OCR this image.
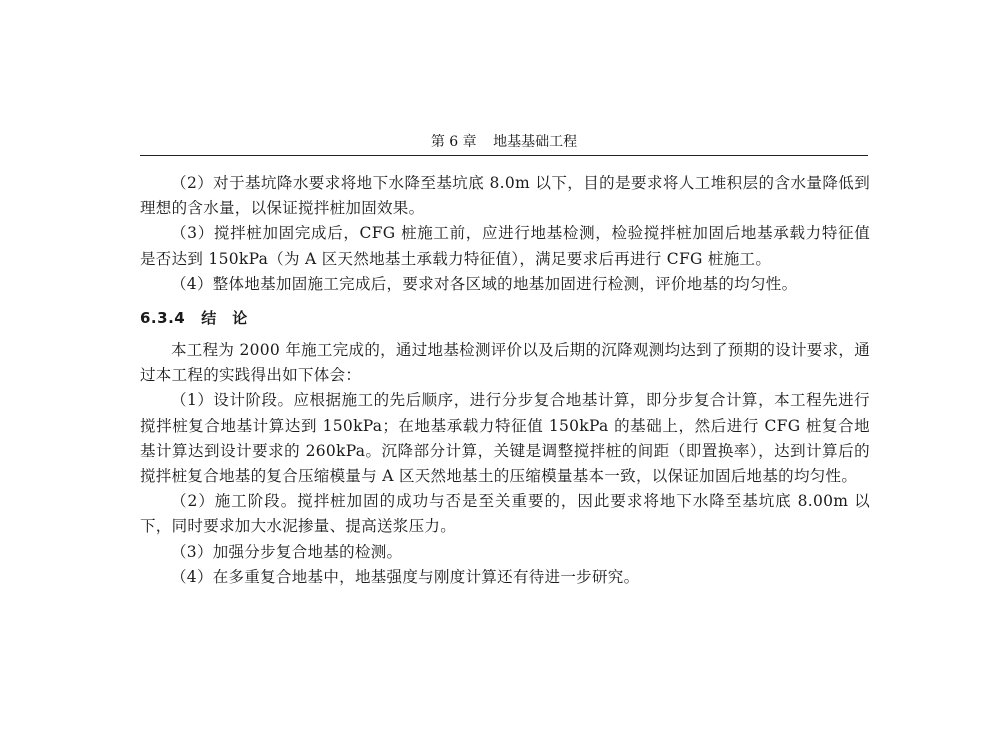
第 6 章 地基基础工程

（2）对于基坑降水要求将地下水降至基坑底 8.0m 以下，目的是要求将人工堆积层的含水量降低到理想的含水量，以保证搅拌桩加固效果。

（3）搅拌桩加固完成后，CFG 桩施工前，应进行地基检测，检验搅拌桩加固后地基承载力特征值是否达到 150kPa（为 A 区天然地基土承载力特征值），满足要求后再进行 CFG 桩施工。

（4）整体地基加固施工完成后，要求对各区域的地基加固进行检测，评价地基的均匀性。

6.3.4 结　论

本工程为 2000 年施工完成的，通过地基检测评价以及后期的沉降观测均达到了预期的设计要求，通过本工程的实践得出如下体会：

（1）设计阶段。应根据施工的先后顺序，进行分步复合地基计算，即分步复合计算，本工程先进行搅拌桩复合地基计算达到 150kPa；在地基承载力特征值 150kPa 的基础上，然后进行 CFG 桩复合地基计算达到设计要求的 260kPa。沉降部分计算，关键是调整搅拌桩的间距（即置换率），达到计算后的搅拌桩复合地基的复合压缩模量与 A 区天然地基土的压缩模量基本一致，以保证加固后地基的均匀性。

（2）施工阶段。搅拌桩加固的成功与否是至关重要的，因此要求将地下水降至基坑底 8.00m 以下，同时要求加大水泥掺量、提高送浆压力。

（3）加强分步复合地基的检测。

（4）在多重复合地基中，地基强度与刚度计算还有待进一步研究。
